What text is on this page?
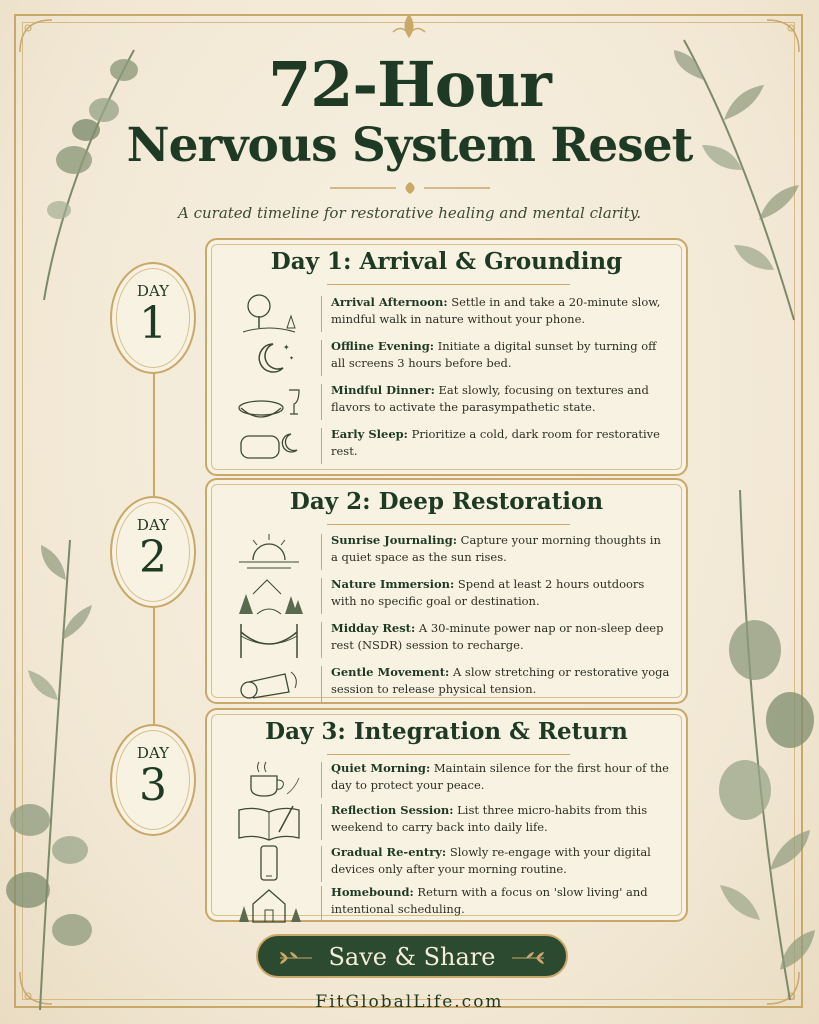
72-Hour
Nervous System Reset
A curated timeline for restorative healing and mental clarity.
DAY
1
Day 1: Arrival & Grounding
Arrival Afternoon: Settle in and take a 20-minute slow, mindful walk in nature without your phone.
✦
✦
Offline Evening: Initiate a digital sunset by turning off all screens 3 hours before bed.
Mindful Dinner: Eat slowly, focusing on textures and flavors to activate the parasympathetic state.
Early Sleep: Prioritize a cold, dark room for restorative rest.
DAY
2
Day 2: Deep Restoration
Sunrise Journaling: Capture your morning thoughts in a quiet space as the sun rises.
Nature Immersion: Spend at least 2 hours outdoors with no specific goal or destination.
Midday Rest: A 30-minute power nap or non-sleep deep rest (NSDR) session to recharge.
Gentle Movement: A slow stretching or restorative yoga session to release physical tension.
DAY
3
Day 3: Integration & Return
Quiet Morning: Maintain silence for the first hour of the day to protect your peace.
Reflection Session: List three micro-habits from this weekend to carry back into daily life.
Gradual Re-entry: Slowly re-engage with your digital devices only after your morning routine.
Homebound: Return with a focus on 'slow living' and intentional scheduling.
Save & Share
FitGlobalLife.com
